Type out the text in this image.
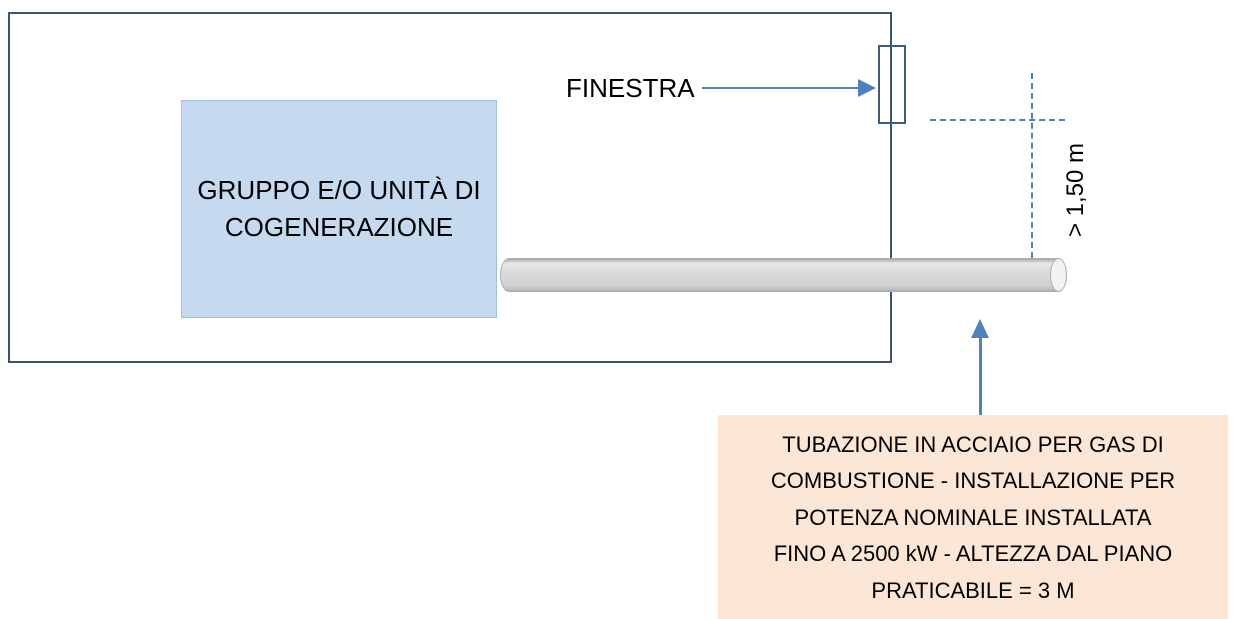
GRUPPO E/O UNITÀ DI
COGENERAZIONE
FINESTRA
> 1,50 m
TUBAZIONE IN ACCIAIO PER GAS DI
COMBUSTIONE - INSTALLAZIONE PER
POTENZA NOMINALE INSTALLATA
FINO A 2500 kW - ALTEZZA DAL PIANO
PRATICABILE = 3 M
